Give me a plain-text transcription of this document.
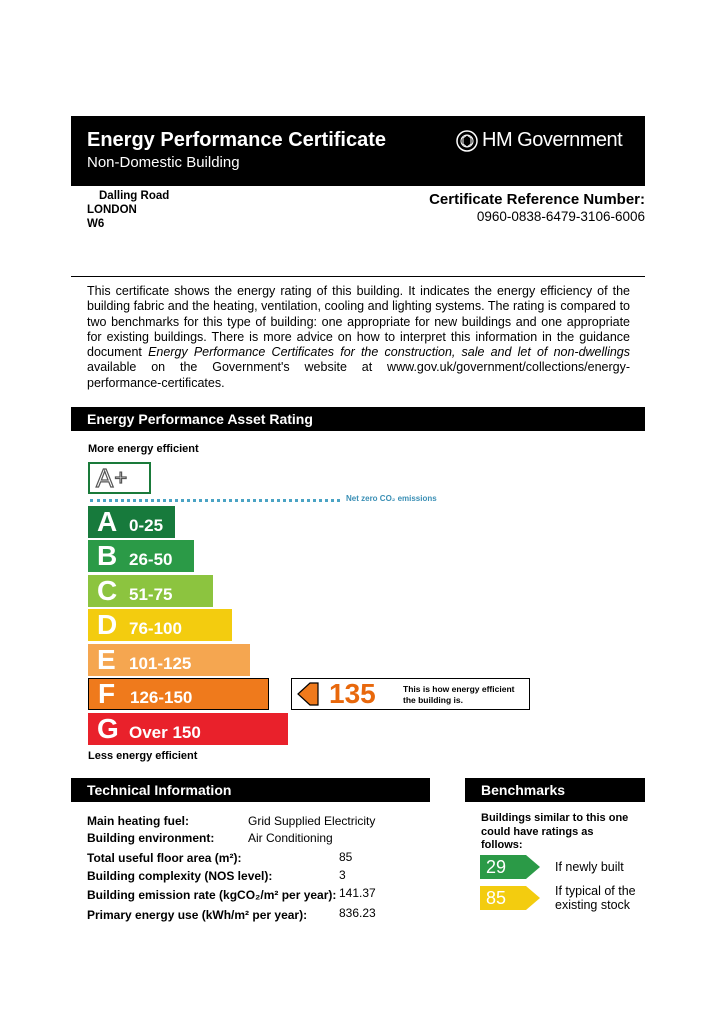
Energy Performance Certificate
Non-Domestic Building
HM Government
Dalling Road
LONDON
W6
Certificate Reference Number:
0960-0838-6479-3106-6006
This certificate shows the energy rating of this building. It indicates the energy efficiency of the building fabric and the heating, ventilation, cooling and lighting systems. The rating is compared to two benchmarks for this type of building: one appropriate for new buildings and one appropriate for existing buildings. There is more advice on how to interpret this information in the guidance document Energy Performance Certificates for the construction, sale and let of non-dwellings available on the Government's website at www.gov.uk/government/collections/energy-performance-certificates.
Energy Performance Asset Rating
More energy efficient
A +
Net zero CO₂ emissions
A 0-25
B 26-50
C 51-75
D 76-100
E 101-125
F 126-150
G Over 150
135	This is how energy efficient the building is.
Less energy efficient
Technical Information
Main heating fuel:	Grid Supplied Electricity
Building environment:	Air Conditioning
Total useful floor area (m²):	85
Building complexity (NOS level):	3
Building emission rate (kgCO₂/m² per year): 141.37
Primary energy use (kWh/m² per year):	836.23
Benchmarks
Buildings similar to this one could have ratings as follows:
29	If newly built
85	If typical of the existing stock
